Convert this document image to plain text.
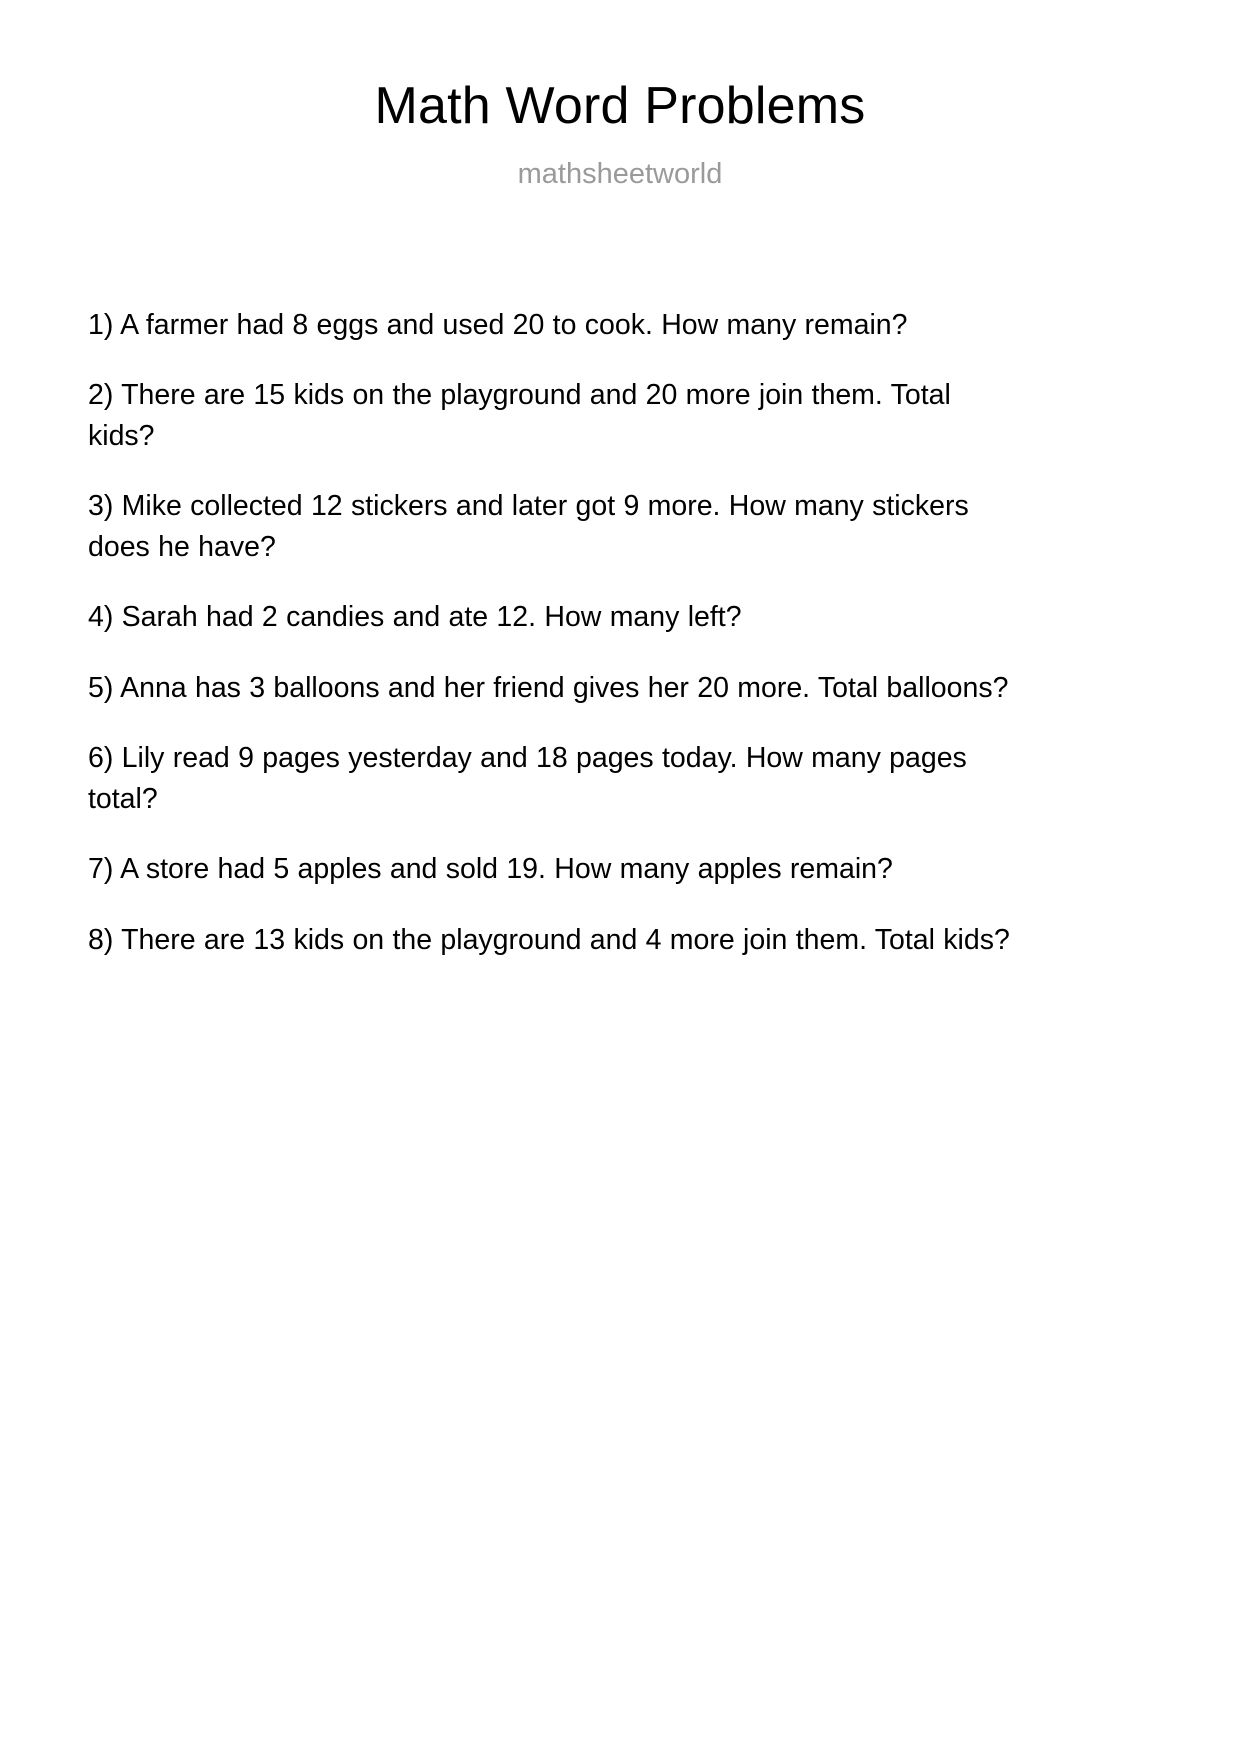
Math Word Problems

mathsheetworld

1) A farmer had 8 eggs and used 20 to cook. How many remain?
2) There are 15 kids on the playground and 20 more join them. Total kids?
3) Mike collected 12 stickers and later got 9 more. How many stickers does he have?
4) Sarah had 2 candies and ate 12. How many left?
5) Anna has 3 balloons and her friend gives her 20 more. Total balloons?
6) Lily read 9 pages yesterday and 18 pages today. How many pages total?
7) A store had 5 apples and sold 19. How many apples remain?
8) There are 13 kids on the playground and 4 more join them. Total kids?
